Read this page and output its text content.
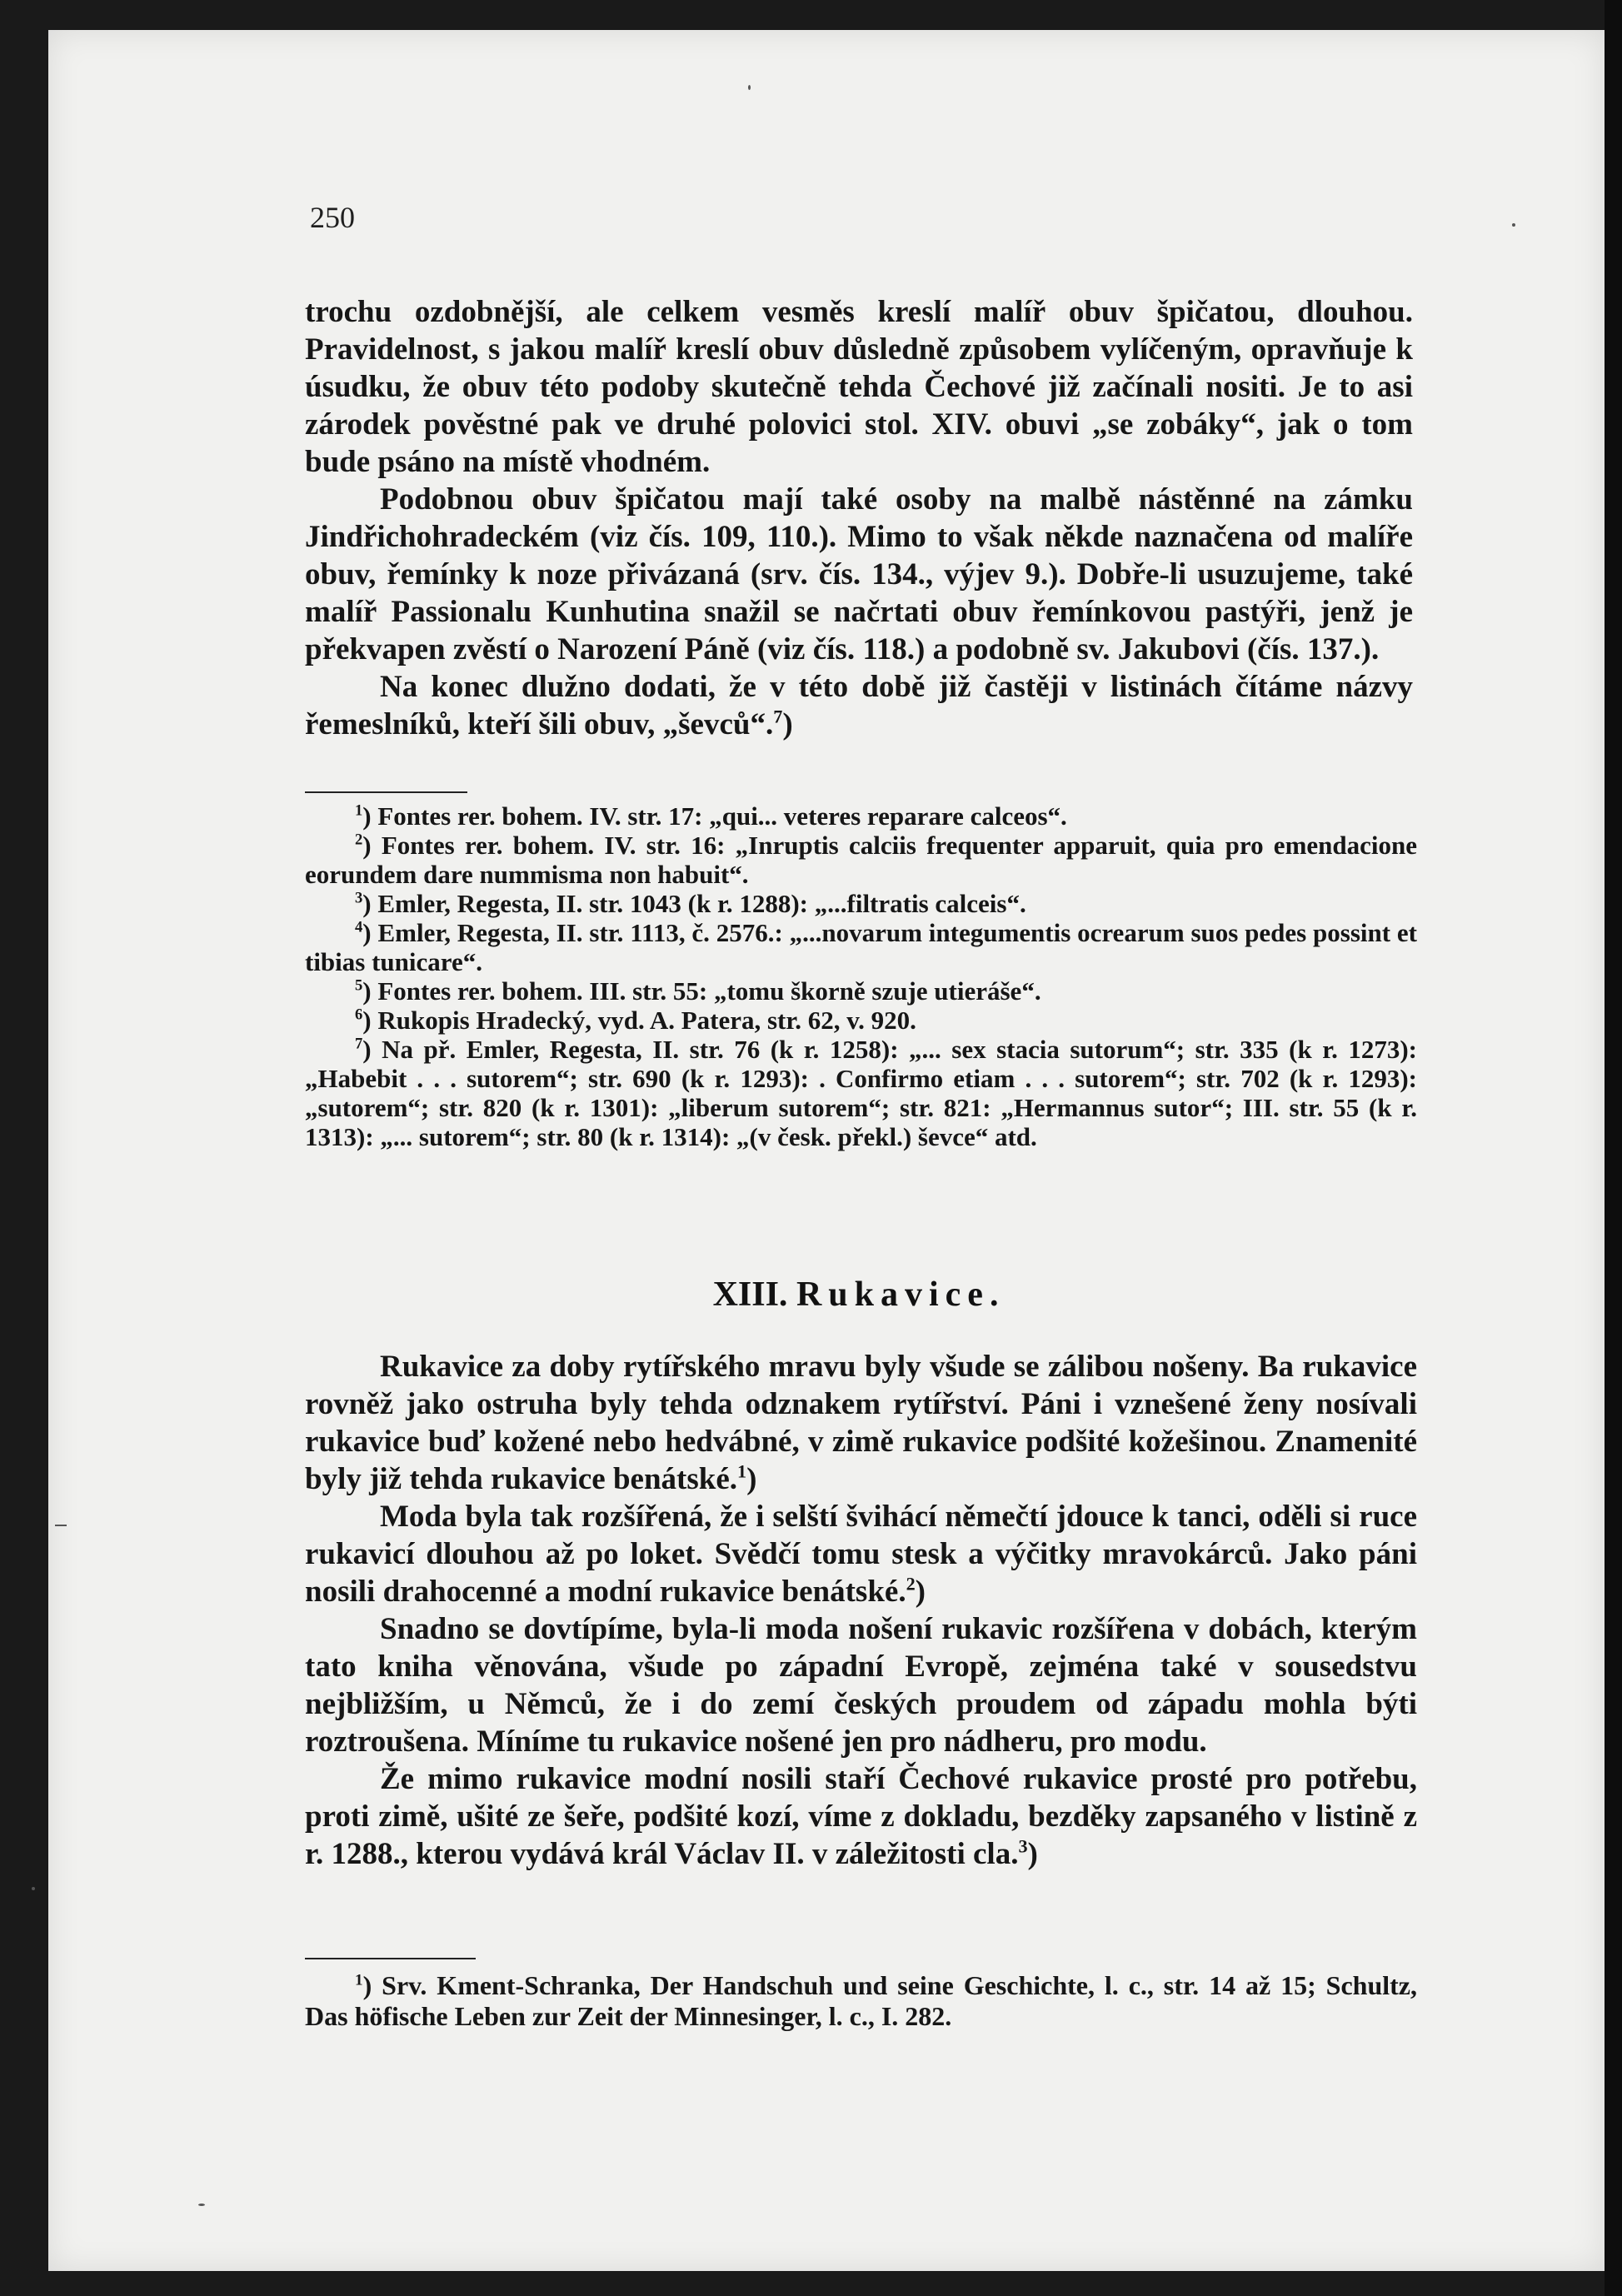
250

trochu ozdobnější, ale celkem vesměs kreslí malíř obuv špičatou, dlouhou. Pravidelnost, s jakou malíř kreslí obuv důsledně způsobem vylíčeným, opravňuje k úsudku, že obuv této podoby skutečně tehda Čechové již začínali nositi. Je to asi zárodek pověstné pak ve druhé polovici stol. XIV. obuvi „se zobáky“, jak o tom bude psáno na místě vhodném.

Podobnou obuv špičatou mají také osoby na malbě nástěnné na zámku Jindřichohradeckém (viz čís. 109, 110.). Mimo to však někde naznačena od malíře obuv, řemínky k noze přivázaná (srv. čís. 134., výjev 9.). Dobře-li usuzujeme, také malíř Passionalu Kunhutina snažil se načrtati obuv řemínkovou pastýři, jenž je překvapen zvěstí o Narození Páně (viz čís. 118.) a podobně sv. Jakubovi (čís. 137.).

Na konec dlužno dodati, že v této době již častěji v listinách čítáme názvy řemeslníků, kteří šili obuv, „ševců“.$^7$)

$^1$) Fontes rer. bohem. IV. str. 17: „qui... veteres reparare calceos“.

$^2$) Fontes rer. bohem. IV. str. 16: „Inruptis calciis frequenter apparuit, quia pro emendacione eorundem dare nummisma non habuit“.

$^3$) Emler, Regesta, II. str. 1043 (k r. 1288): „...filtratis calceis“.

$^4$) Emler, Regesta, II. str. 1113, č. 2576.: „...novarum integumentis ocrearum suos pedes possint et tibias tunicare“.

$^5$) Fontes rer. bohem. III. str. 55: „tomu škorně szuje utieráše“.

$^6$) Rukopis Hradecký, vyd. A. Patera, str. 62, v. 920.

$^7$) Na př. Emler, Regesta, II. str. 76 (k r. 1258): „... sex stacia sutorum“; str. 335 (k r. 1273): „Habebit . . . sutorem“; str. 690 (k r. 1293): . Confirmo etiam . . . sutorem“; str. 702 (k r. 1293): „sutorem“; str. 820 (k r. 1301): „liberum sutorem“; str. 821: „Hermannus sutor“; III. str. 55 (k r. 1313): „... sutorem“; str. 80 (k r. 1314): „(v česk. překl.) ševce“ atd.

XIII. Rukavice.

Rukavice za doby rytířského mravu byly všude se zálibou nošeny. Ba rukavice rovněž jako ostruha byly tehda odznakem rytířství. Páni i vznešené ženy nosívali rukavice buď kožené nebo hedvábné, v zimě rukavice podšité kožešinou. Znamenité byly již tehda rukavice benátské.$^1$)

Moda byla tak rozšířená, že i selští švihácí němečtí jdouce k tanci, oděli si ruce rukavicí dlouhou až po loket. Svědčí tomu stesk a výčitky mravokárců. Jako páni nosili drahocenné a modní rukavice benátské.$^2$)

Snadno se dovtípíme, byla-li moda nošení rukavic rozšířena v dobách, kterým tato kniha věnována, všude po západní Evropě, zejména také v sousedstvu nejbližším, u Němců, že i do zemí českých proudem od západu mohla býti roztroušena. Míníme tu rukavice nošené jen pro nádheru, pro modu.

Že mimo rukavice modní nosili staří Čechové rukavice prosté pro potřebu, proti zimě, ušité ze šeře, podšité kozí, víme z dokladu, bezděky zapsaného v listině z r. 1288., kterou vydává král Václav II. v záležitosti cla.$^3$)

$^1$) Srv. Kment-Schranka, Der Handschuh und seine Geschichte, l. c., str. 14 až 15; Schultz, Das höfische Leben zur Zeit der Minnesinger, l. c., I. 282.
